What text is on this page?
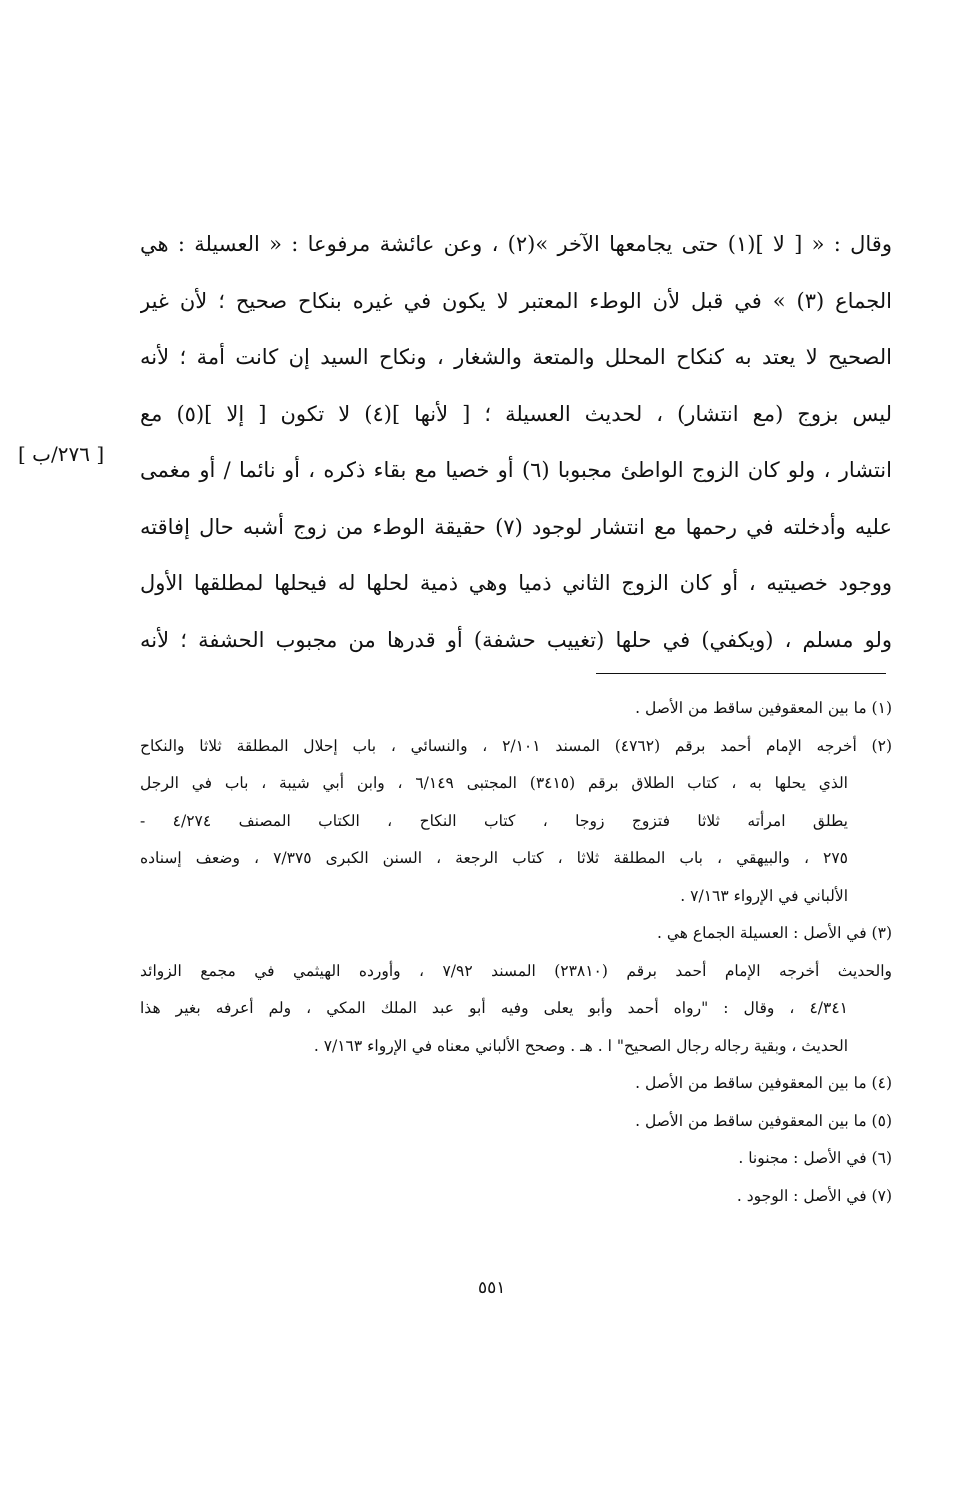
وقال : « [ لا ](١) حتى يجامعها الآخر »(٢) ، وعن عائشة مرفوعا : « العسيلة : هي
الجماع (٣) » في قبل لأن الوطء المعتبر لا يكون في غيره بنكاح صحيح ؛ لأن غير
الصحيح لا يعتد به كنكاح المحلل والمتعة والشغار ، ونكاح السيد إن كانت أمة ؛ لأنه
ليس بزوج (مع انتشار) ، لحديث العسيلة ؛ [ لأنها ](٤) لا تكون [ إلا ](٥) مع
انتشار ، ولو كان الزوج الواطئ مجبوبا (٦) أو خصيا مع بقاء ذكره ، أو نائما / أو مغمى
عليه وأدخلته في رحمها مع انتشار لوجود (٧) حقيقة الوطء من زوج أشبه حال إفاقته
ووجود خصيتيه ، أو كان الزوج الثاني ذميا وهي ذمية لحلها له فيحلها لمطلقها الأول
ولو مسلم ، (ويكفي) في حلها (تغييب حشفة) أو قدرها من مجبوب الحشفة ؛ لأنه
[ ٢٧٦/ب ]
(١) ما بين المعقوفين ساقط من الأصل .
(٢) أخرجه الإمام أحمد برقم (٤٧٦٢) المسند ٢/١٠١ ، والنسائي ، باب إحلال المطلقة ثلاثا والنكاح
الذي يحلها به ، كتاب الطلاق برقم (٣٤١٥) المجتبى ٦/١٤٩ ، وابن أبي شيبة ، باب في الرجل
يطلق امرأته ثلاثا فتزوج زوجا ، كتاب النكاح ، الكتاب المصنف ٤/٢٧٤ -
٢٧٥ ، والبيهقي ، باب المطلقة ثلاثا ، كتاب الرجعة ، السنن الكبرى ٧/٣٧٥ ، وضعف إسناده
الألباني في الإرواء ٧/١٦٣ .
(٣) في الأصل : العسيلة الجماع هي .
والحديث أخرجه الإمام أحمد برقم (٢٣٨١٠) المسند ٧/٩٢ ، وأورده الهيثمي في مجمع الزوائد
٤/٣٤١ ، وقال : "رواه أحمد وأبو يعلى وفيه أبو عبد الملك المكي ، ولم أعرفه بغير هذا
الحديث ، وبقية رجاله رجال الصحيح" ا . هـ . وصحح الألباني معناه في الإرواء ٧/١٦٣ .
(٤) ما بين المعقوفين ساقط من الأصل .
(٥) ما بين المعقوفين ساقط من الأصل .
(٦) في الأصل : مجنونا .
(٧) في الأصل : الوجود .
٥٥١
